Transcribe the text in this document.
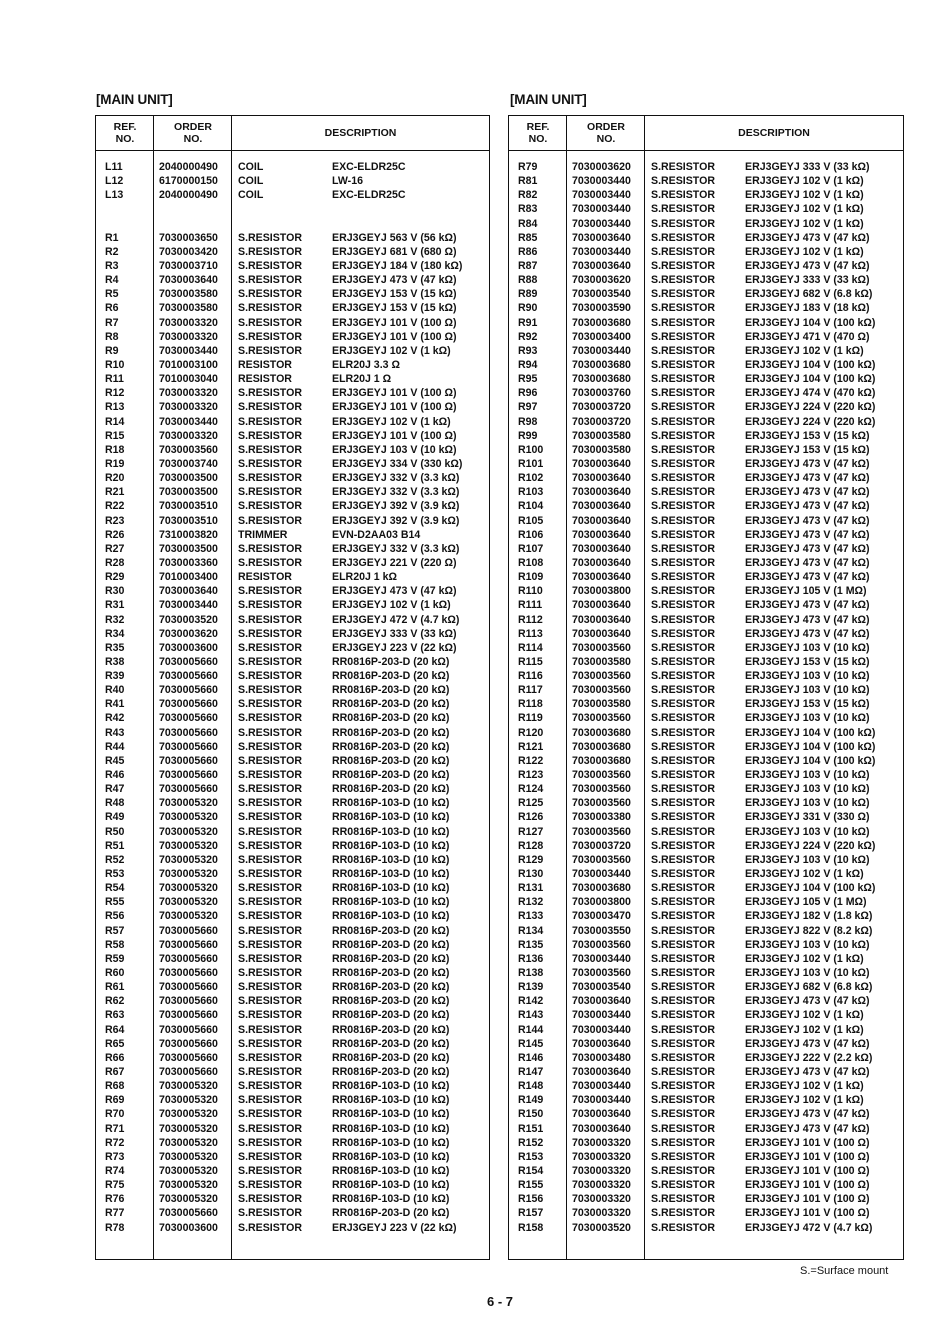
[MAIN UNIT]
REF.
NO.
ORDER
NO.	DESCRIPTION
L11	2040000490 COIL	EXC-ELDR25C
L12	6170000150 COIL	LW-16
L13	2040000490 COIL	EXC-ELDR25C
R1	7030003650 S.RESISTOR	ERJ3GEYJ 563 V (56 kΩ)
R2	7030003420 S.RESISTOR	ERJ3GEYJ 681 V (680 Ω)
R3	7030003710 S.RESISTOR	ERJ3GEYJ 184 V (180 kΩ)
R4	7030003640 S.RESISTOR	ERJ3GEYJ 473 V (47 kΩ)
R5	7030003580 S.RESISTOR	ERJ3GEYJ 153 V (15 kΩ)
R6	7030003580 S.RESISTOR	ERJ3GEYJ 153 V (15 kΩ)
R7	7030003320 S.RESISTOR	ERJ3GEYJ 101 V (100 Ω)
R8	7030003320 S.RESISTOR	ERJ3GEYJ 101 V (100 Ω)
R9	7030003440 S.RESISTOR	ERJ3GEYJ 102 V (1 kΩ)
R10	7010003100 RESISTOR	ELR20J 3.3 Ω
R11	7010003040 RESISTOR	ELR20J 1 Ω
R12	7030003320 S.RESISTOR	ERJ3GEYJ 101 V (100 Ω)
R13	7030003320 S.RESISTOR	ERJ3GEYJ 101 V (100 Ω)
R14	7030003440 S.RESISTOR	ERJ3GEYJ 102 V (1 kΩ)
R15	7030003320 S.RESISTOR	ERJ3GEYJ 101 V (100 Ω)
R18	7030003560 S.RESISTOR	ERJ3GEYJ 103 V (10 kΩ)
R19	7030003740 S.RESISTOR	ERJ3GEYJ 334 V (330 kΩ)
R20	7030003500 S.RESISTOR	ERJ3GEYJ 332 V (3.3 kΩ)
R21	7030003500 S.RESISTOR	ERJ3GEYJ 332 V (3.3 kΩ)
R22	7030003510 S.RESISTOR	ERJ3GEYJ 392 V (3.9 kΩ)
R23	7030003510 S.RESISTOR	ERJ3GEYJ 392 V (3.9 kΩ)
R26	7310003820 TRIMMER	EVN-D2AA03 B14
R27	7030003500 S.RESISTOR	ERJ3GEYJ 332 V (3.3 kΩ)
R28	7030003360 S.RESISTOR	ERJ3GEYJ 221 V (220 Ω)
R29	7010003400 RESISTOR	ELR20J 1 kΩ
R30	7030003640 S.RESISTOR	ERJ3GEYJ 473 V (47 kΩ)
R31	7030003440 S.RESISTOR	ERJ3GEYJ 102 V (1 kΩ)
R32	7030003520 S.RESISTOR	ERJ3GEYJ 472 V (4.7 kΩ)
R34	7030003620 S.RESISTOR	ERJ3GEYJ 333 V (33 kΩ)
R35	7030003600 S.RESISTOR	ERJ3GEYJ 223 V (22 kΩ)
R38	7030005660 S.RESISTOR	RR0816P-203-D (20 kΩ)
R39	7030005660 S.RESISTOR	RR0816P-203-D (20 kΩ)
R40	7030005660 S.RESISTOR	RR0816P-203-D (20 kΩ)
R41	7030005660 S.RESISTOR	RR0816P-203-D (20 kΩ)
R42	7030005660 S.RESISTOR	RR0816P-203-D (20 kΩ)
R43	7030005660 S.RESISTOR	RR0816P-203-D (20 kΩ)
R44	7030005660 S.RESISTOR	RR0816P-203-D (20 kΩ)
R45	7030005660 S.RESISTOR	RR0816P-203-D (20 kΩ)
R46	7030005660 S.RESISTOR	RR0816P-203-D (20 kΩ)
R47	7030005660 S.RESISTOR	RR0816P-203-D (20 kΩ)
R48	7030005320 S.RESISTOR	RR0816P-103-D (10 kΩ)
R49	7030005320 S.RESISTOR	RR0816P-103-D (10 kΩ)
R50	7030005320 S.RESISTOR	RR0816P-103-D (10 kΩ)
R51	7030005320 S.RESISTOR	RR0816P-103-D (10 kΩ)
R52	7030005320 S.RESISTOR	RR0816P-103-D (10 kΩ)
R53	7030005320 S.RESISTOR	RR0816P-103-D (10 kΩ)
R54	7030005320 S.RESISTOR	RR0816P-103-D (10 kΩ)
R55	7030005320 S.RESISTOR	RR0816P-103-D (10 kΩ)
R56	7030005320 S.RESISTOR	RR0816P-103-D (10 kΩ)
R57	7030005660 S.RESISTOR	RR0816P-203-D (20 kΩ)
R58	7030005660 S.RESISTOR	RR0816P-203-D (20 kΩ)
R59	7030005660 S.RESISTOR	RR0816P-203-D (20 kΩ)
R60	7030005660 S.RESISTOR	RR0816P-203-D (20 kΩ)
R61	7030005660 S.RESISTOR	RR0816P-203-D (20 kΩ)
R62	7030005660 S.RESISTOR	RR0816P-203-D (20 kΩ)
R63	7030005660 S.RESISTOR	RR0816P-203-D (20 kΩ)
R64	7030005660 S.RESISTOR	RR0816P-203-D (20 kΩ)
R65	7030005660 S.RESISTOR	RR0816P-203-D (20 kΩ)
R66	7030005660 S.RESISTOR	RR0816P-203-D (20 kΩ)
R67	7030005660 S.RESISTOR	RR0816P-203-D (20 kΩ)
R68	7030005320 S.RESISTOR	RR0816P-103-D (10 kΩ)
R69	7030005320 S.RESISTOR	RR0816P-103-D (10 kΩ)
R70	7030005320 S.RESISTOR	RR0816P-103-D (10 kΩ)
R71	7030005320 S.RESISTOR	RR0816P-103-D (10 kΩ)
R72	7030005320 S.RESISTOR	RR0816P-103-D (10 kΩ)
R73	7030005320 S.RESISTOR	RR0816P-103-D (10 kΩ)
R74	7030005320 S.RESISTOR	RR0816P-103-D (10 kΩ)
R75	7030005320 S.RESISTOR	RR0816P-103-D (10 kΩ)
R76	7030005320 S.RESISTOR	RR0816P-103-D (10 kΩ)
R77	7030005660 S.RESISTOR	RR0816P-203-D (20 kΩ)
R78	7030003600 S.RESISTOR	ERJ3GEYJ 223 V (22 kΩ)
[MAIN UNIT]
REF.
NO.
ORDER
NO.	DESCRIPTION
R79	7030003620 S.RESISTOR	ERJ3GEYJ 333 V (33 kΩ)
R81	7030003440 S.RESISTOR	ERJ3GEYJ 102 V (1 kΩ)
R82	7030003440 S.RESISTOR	ERJ3GEYJ 102 V (1 kΩ)
R83	7030003440 S.RESISTOR	ERJ3GEYJ 102 V (1 kΩ)
R84	7030003440 S.RESISTOR	ERJ3GEYJ 102 V (1 kΩ)
R85	7030003640 S.RESISTOR	ERJ3GEYJ 473 V (47 kΩ)
R86	7030003440 S.RESISTOR	ERJ3GEYJ 102 V (1 kΩ)
R87	7030003640 S.RESISTOR	ERJ3GEYJ 473 V (47 kΩ)
R88	7030003620 S.RESISTOR	ERJ3GEYJ 333 V (33 kΩ)
R89	7030003540 S.RESISTOR	ERJ3GEYJ 682 V (6.8 kΩ)
R90	7030003590 S.RESISTOR	ERJ3GEYJ 183 V (18 kΩ)
R91	7030003680 S.RESISTOR	ERJ3GEYJ 104 V (100 kΩ)
R92	7030003400 S.RESISTOR	ERJ3GEYJ 471 V (470 Ω)
R93	7030003440 S.RESISTOR	ERJ3GEYJ 102 V (1 kΩ)
R94	7030003680 S.RESISTOR	ERJ3GEYJ 104 V (100 kΩ)
R95	7030003680 S.RESISTOR	ERJ3GEYJ 104 V (100 kΩ)
R96	7030003760 S.RESISTOR	ERJ3GEYJ 474 V (470 kΩ)
R97	7030003720 S.RESISTOR	ERJ3GEYJ 224 V (220 kΩ)
R98	7030003720 S.RESISTOR	ERJ3GEYJ 224 V (220 kΩ)
R99	7030003580 S.RESISTOR	ERJ3GEYJ 153 V (15 kΩ)
R100	7030003580 S.RESISTOR	ERJ3GEYJ 153 V (15 kΩ)
R101	7030003640 S.RESISTOR	ERJ3GEYJ 473 V (47 kΩ)
R102	7030003640 S.RESISTOR	ERJ3GEYJ 473 V (47 kΩ)
R103	7030003640 S.RESISTOR	ERJ3GEYJ 473 V (47 kΩ)
R104	7030003640 S.RESISTOR	ERJ3GEYJ 473 V (47 kΩ)
R105	7030003640 S.RESISTOR	ERJ3GEYJ 473 V (47 kΩ)
R106	7030003640 S.RESISTOR	ERJ3GEYJ 473 V (47 kΩ)
R107	7030003640 S.RESISTOR	ERJ3GEYJ 473 V (47 kΩ)
R108	7030003640 S.RESISTOR	ERJ3GEYJ 473 V (47 kΩ)
R109	7030003640 S.RESISTOR	ERJ3GEYJ 473 V (47 kΩ)
R110	7030003800 S.RESISTOR	ERJ3GEYJ 105 V (1 MΩ)
R111	7030003640 S.RESISTOR	ERJ3GEYJ 473 V (47 kΩ)
R112	7030003640 S.RESISTOR	ERJ3GEYJ 473 V (47 kΩ)
R113	7030003640 S.RESISTOR	ERJ3GEYJ 473 V (47 kΩ)
R114	7030003560 S.RESISTOR	ERJ3GEYJ 103 V (10 kΩ)
R115	7030003580 S.RESISTOR	ERJ3GEYJ 153 V (15 kΩ)
R116	7030003560 S.RESISTOR	ERJ3GEYJ 103 V (10 kΩ)
R117	7030003560 S.RESISTOR	ERJ3GEYJ 103 V (10 kΩ)
R118	7030003580 S.RESISTOR	ERJ3GEYJ 153 V (15 kΩ)
R119	7030003560 S.RESISTOR	ERJ3GEYJ 103 V (10 kΩ)
R120	7030003680 S.RESISTOR	ERJ3GEYJ 104 V (100 kΩ)
R121	7030003680 S.RESISTOR	ERJ3GEYJ 104 V (100 kΩ)
R122	7030003680 S.RESISTOR	ERJ3GEYJ 104 V (100 kΩ)
R123	7030003560 S.RESISTOR	ERJ3GEYJ 103 V (10 kΩ)
R124	7030003560 S.RESISTOR	ERJ3GEYJ 103 V (10 kΩ)
R125	7030003560 S.RESISTOR	ERJ3GEYJ 103 V (10 kΩ)
R126	7030003380 S.RESISTOR	ERJ3GEYJ 331 V (330 Ω)
R127	7030003560 S.RESISTOR	ERJ3GEYJ 103 V (10 kΩ)
R128	7030003720 S.RESISTOR	ERJ3GEYJ 224 V (220 kΩ)
R129	7030003560 S.RESISTOR	ERJ3GEYJ 103 V (10 kΩ)
R130	7030003440 S.RESISTOR	ERJ3GEYJ 102 V (1 kΩ)
R131	7030003680 S.RESISTOR	ERJ3GEYJ 104 V (100 kΩ)
R132	7030003800 S.RESISTOR	ERJ3GEYJ 105 V (1 MΩ)
R133	7030003470 S.RESISTOR	ERJ3GEYJ 182 V (1.8 kΩ)
R134	7030003550 S.RESISTOR	ERJ3GEYJ 822 V (8.2 kΩ)
R135	7030003560 S.RESISTOR	ERJ3GEYJ 103 V (10 kΩ)
R136	7030003440 S.RESISTOR	ERJ3GEYJ 102 V (1 kΩ)
R138	7030003560 S.RESISTOR	ERJ3GEYJ 103 V (10 kΩ)
R139	7030003540 S.RESISTOR	ERJ3GEYJ 682 V (6.8 kΩ)
R142	7030003640 S.RESISTOR	ERJ3GEYJ 473 V (47 kΩ)
R143	7030003440 S.RESISTOR	ERJ3GEYJ 102 V (1 kΩ)
R144	7030003440 S.RESISTOR	ERJ3GEYJ 102 V (1 kΩ)
R145	7030003640 S.RESISTOR	ERJ3GEYJ 473 V (47 kΩ)
R146	7030003480 S.RESISTOR	ERJ3GEYJ 222 V (2.2 kΩ)
R147	7030003640 S.RESISTOR	ERJ3GEYJ 473 V (47 kΩ)
R148	7030003440 S.RESISTOR	ERJ3GEYJ 102 V (1 kΩ)
R149	7030003440 S.RESISTOR	ERJ3GEYJ 102 V (1 kΩ)
R150	7030003640 S.RESISTOR	ERJ3GEYJ 473 V (47 kΩ)
R151	7030003640 S.RESISTOR	ERJ3GEYJ 473 V (47 kΩ)
R152	7030003320 S.RESISTOR	ERJ3GEYJ 101 V (100 Ω)
R153	7030003320 S.RESISTOR	ERJ3GEYJ 101 V (100 Ω)
R154	7030003320 S.RESISTOR	ERJ3GEYJ 101 V (100 Ω)
R155	7030003320 S.RESISTOR	ERJ3GEYJ 101 V (100 Ω)
R156	7030003320 S.RESISTOR	ERJ3GEYJ 101 V (100 Ω)
R157	7030003320 S.RESISTOR	ERJ3GEYJ 101 V (100 Ω)
R158	7030003520 S.RESISTOR	ERJ3GEYJ 472 V (4.7 kΩ)
S.=Surface mount
6 - 7
